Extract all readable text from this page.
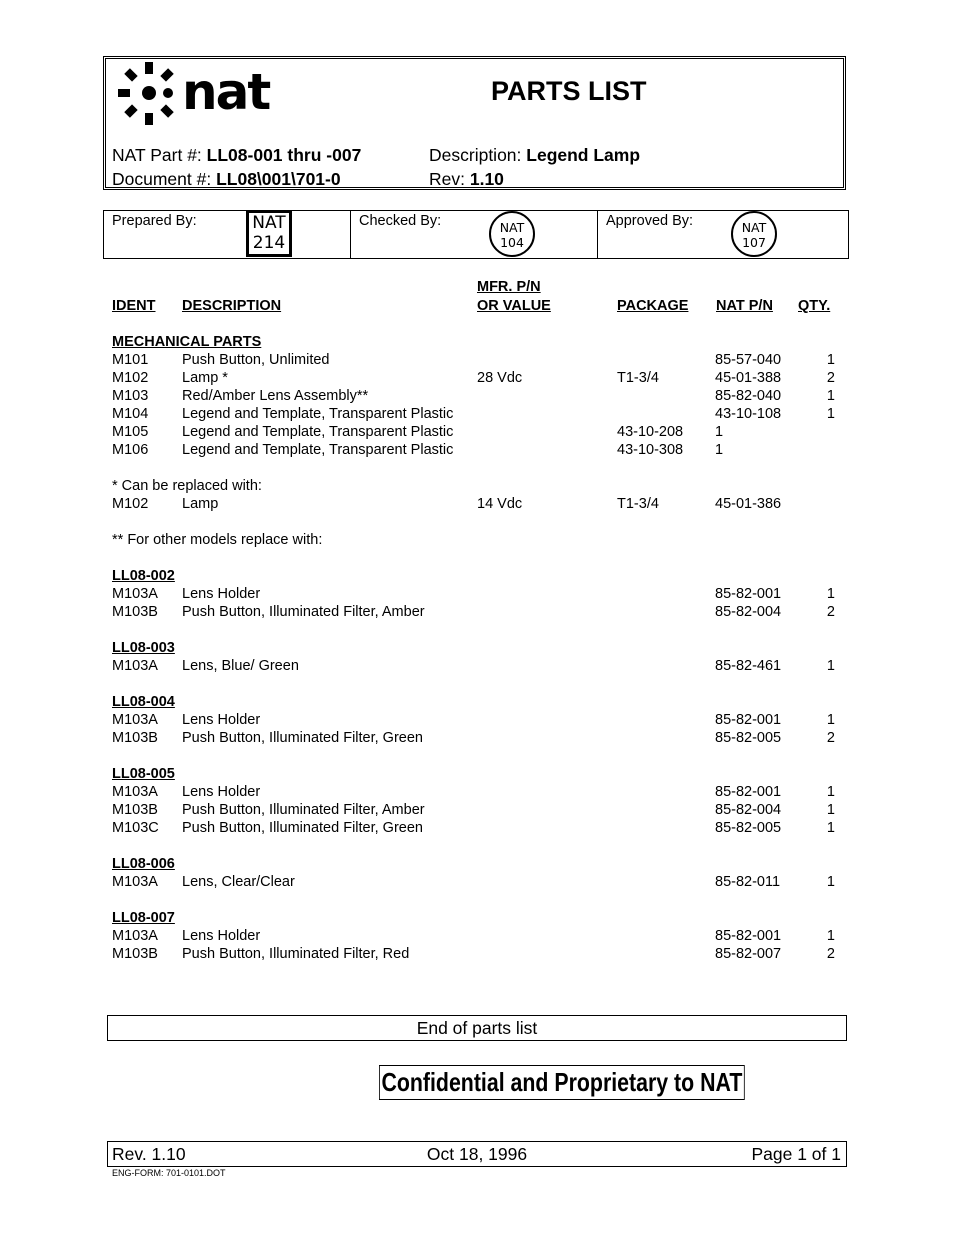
nat	PARTS LIST
NAT Part #: LL08-001 thru -007
Document #: LL08\001\701-0
Description: Legend Lamp
Rev: 1.10
Prepared By:	NAT
214
Checked By:	NAT
104
Approved By:	NAT
107
IDENT DESCRIPTION
MFR. P/N
OR VALUE	PACKAGE NAT P/N QTY.
MECHANICAL PARTS
M101 Push Button, Unlimited	85-57-040	1
M102 Lamp *	28 Vdc	T1-3/4	45-01-388	2
M103 Red/Amber Lens Assembly**	85-82-040	1
M104 Legend and Template, Transparent Plastic	43-10-108	1
M105 Legend and Template, Transparent Plastic	43-10-208 1
M106 Legend and Template, Transparent Plastic	43-10-308 1
* Can be replaced with:
M102 Lamp	14 Vdc	T1-3/4	45-01-386
** For other models replace with:
LL08-002
M103A Lens Holder	85-82-001	1
M103B Push Button, Illuminated Filter, Amber	85-82-004	2
LL08-003
M103A Lens, Blue/ Green	85-82-461	1
LL08-004
M103A Lens Holder	85-82-001	1
M103B Push Button, Illuminated Filter, Green	85-82-005	2
LL08-005
M103A Lens Holder	85-82-001	1
M103B Push Button, Illuminated Filter, Amber	85-82-004	1
M103C Push Button, Illuminated Filter, Green	85-82-005	1
LL08-006
M103A Lens, Clear/Clear	85-82-011	1
LL08-007
M103A Lens Holder	85-82-001	1
M103B Push Button, Illuminated Filter, Red	85-82-007	2
End of parts list
Confidential and Proprietary to NAT
Rev. 1.10	Oct 18, 1996	Page 1 of 1
ENG-FORM: 701-0101.DOT
